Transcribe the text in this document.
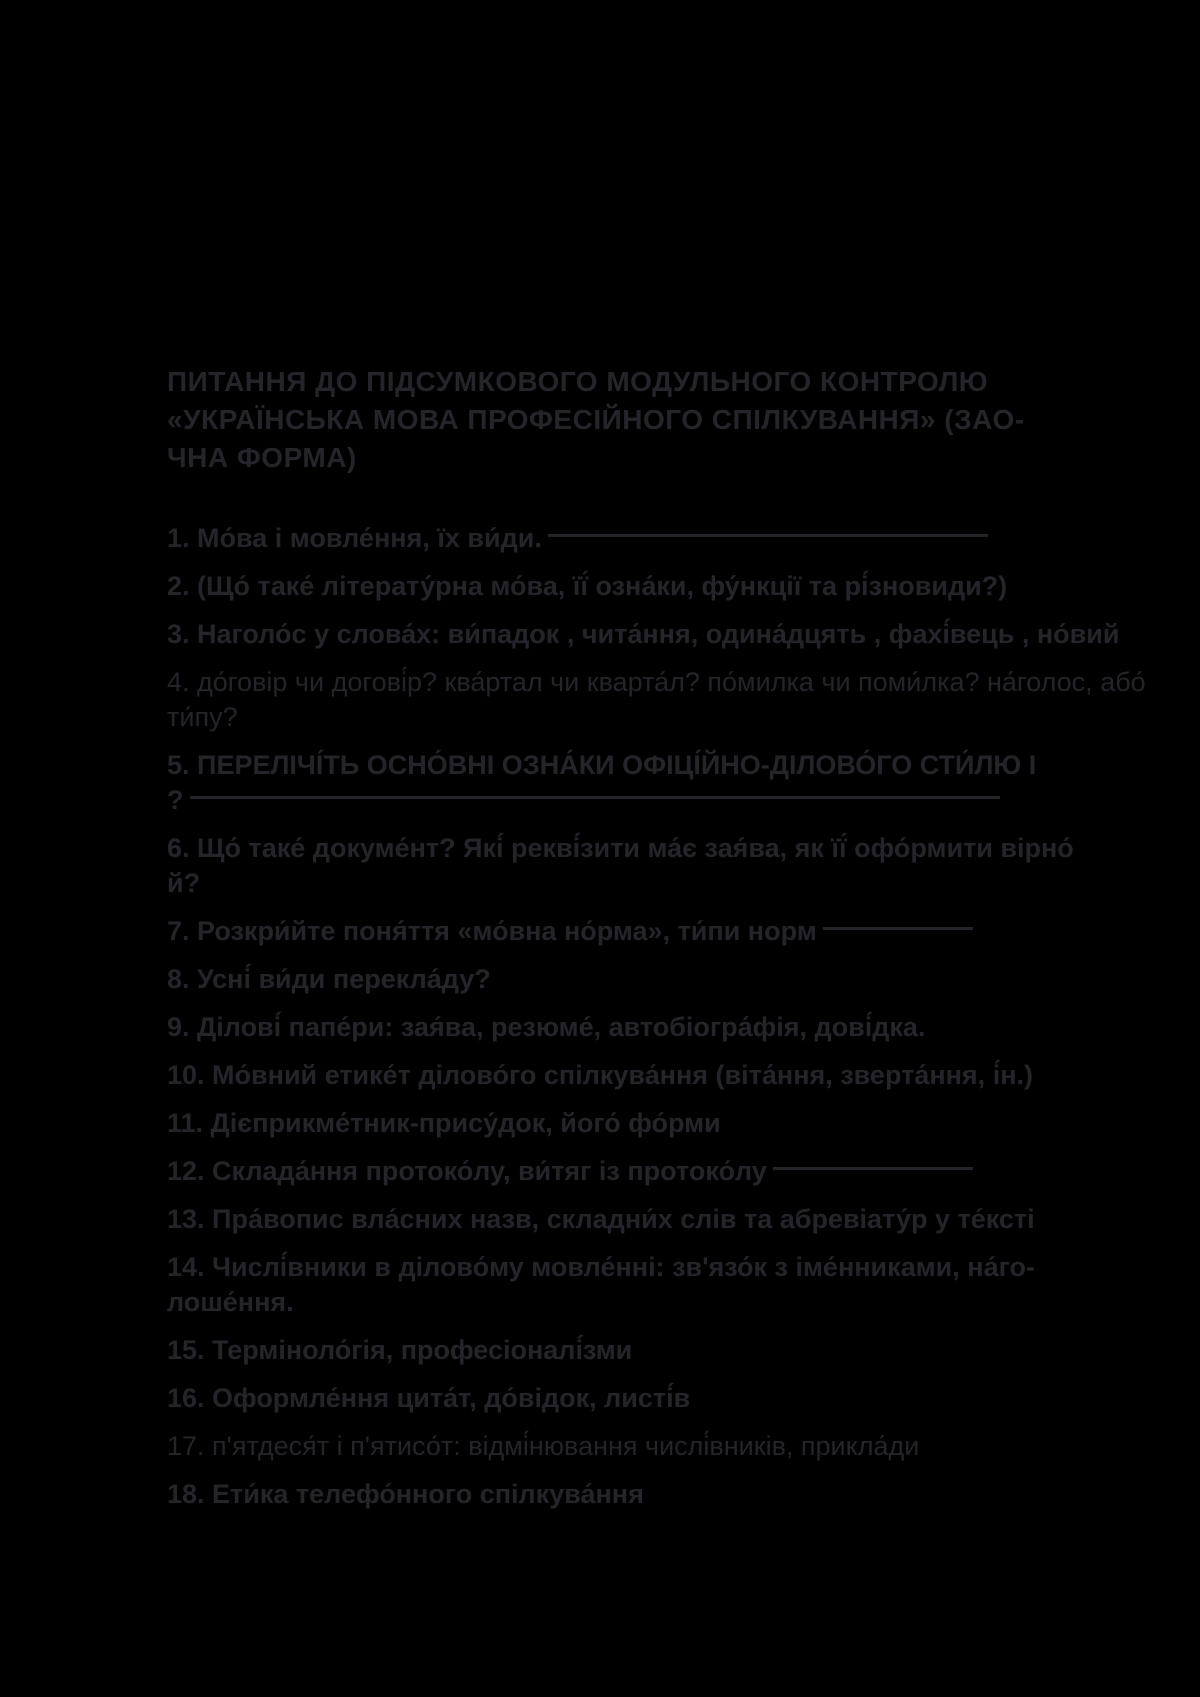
ПИТАННЯ ДО ПІДСУМКОВОГО МОДУЛЬНОГО КОНТРОЛЮ
«УКРАЇНСЬКА МОВА ПРОФЕСІЙНОГО СПІЛКУВАННЯ» (ЗАО-
ЧНА ФОРМА)
1. Мо́ва і мовле́ння, їх ви́ди.
2. (Що́ таке́ літерату́рна мо́ва, її́ озна́ки, фу́нкції та рі́зновиди?)
3. Наголо́с у слова́х: ви́падок , чита́ння, одина́дцять , фахі́вець , но́вий
4. до́говір чи догові́р? ква́ртал чи кварта́л? по́милка чи поми́лка? на́голос, або́
ти́пу?
5. ПЕРЕЛІЧІ́ТЬ ОСНО́ВНІ ОЗНА́КИ ОФІЦІ́ЙНО-ДІЛОВО́ГО СТИ́ЛЮ І
?
6. Що́ таке́ докуме́нт? Які́ рекві́зити ма́є зая́ва, як її́ офо́рмити вірно́
й?
7. Розкри́йте поня́ття «мо́вна но́рма», ти́пи норм
8. Усні́ ви́ди перекла́ду?
9. Ділові́ папе́ри: зая́ва, резюме́, автобіогра́фія, дові́дка.
10. Мо́вний етике́т ділово́го спілкува́ння (віта́ння, зверта́ння, і́н.)
11. Дієприкме́тник-прису́док, його́ фо́рми
12. Склада́ння протоко́лу, ви́тяг із протоко́лу
13. Пра́вопис вла́сних назв, складни́х слів та абревіату́р у те́ксті
14. Числі́вники в ділово́му мовле́нні: зв'язо́к з іме́нниками, на́го-
лоше́ння.
15. Терміноло́гія, професіоналі́зми
16. Оформле́ння цита́т, до́відок, листі́в
17. п'ятдеся́т і п'ятисо́т: відмі́нювання числі́вників, прикла́ди
18. Ети́ка телефо́нного спілкува́ння
